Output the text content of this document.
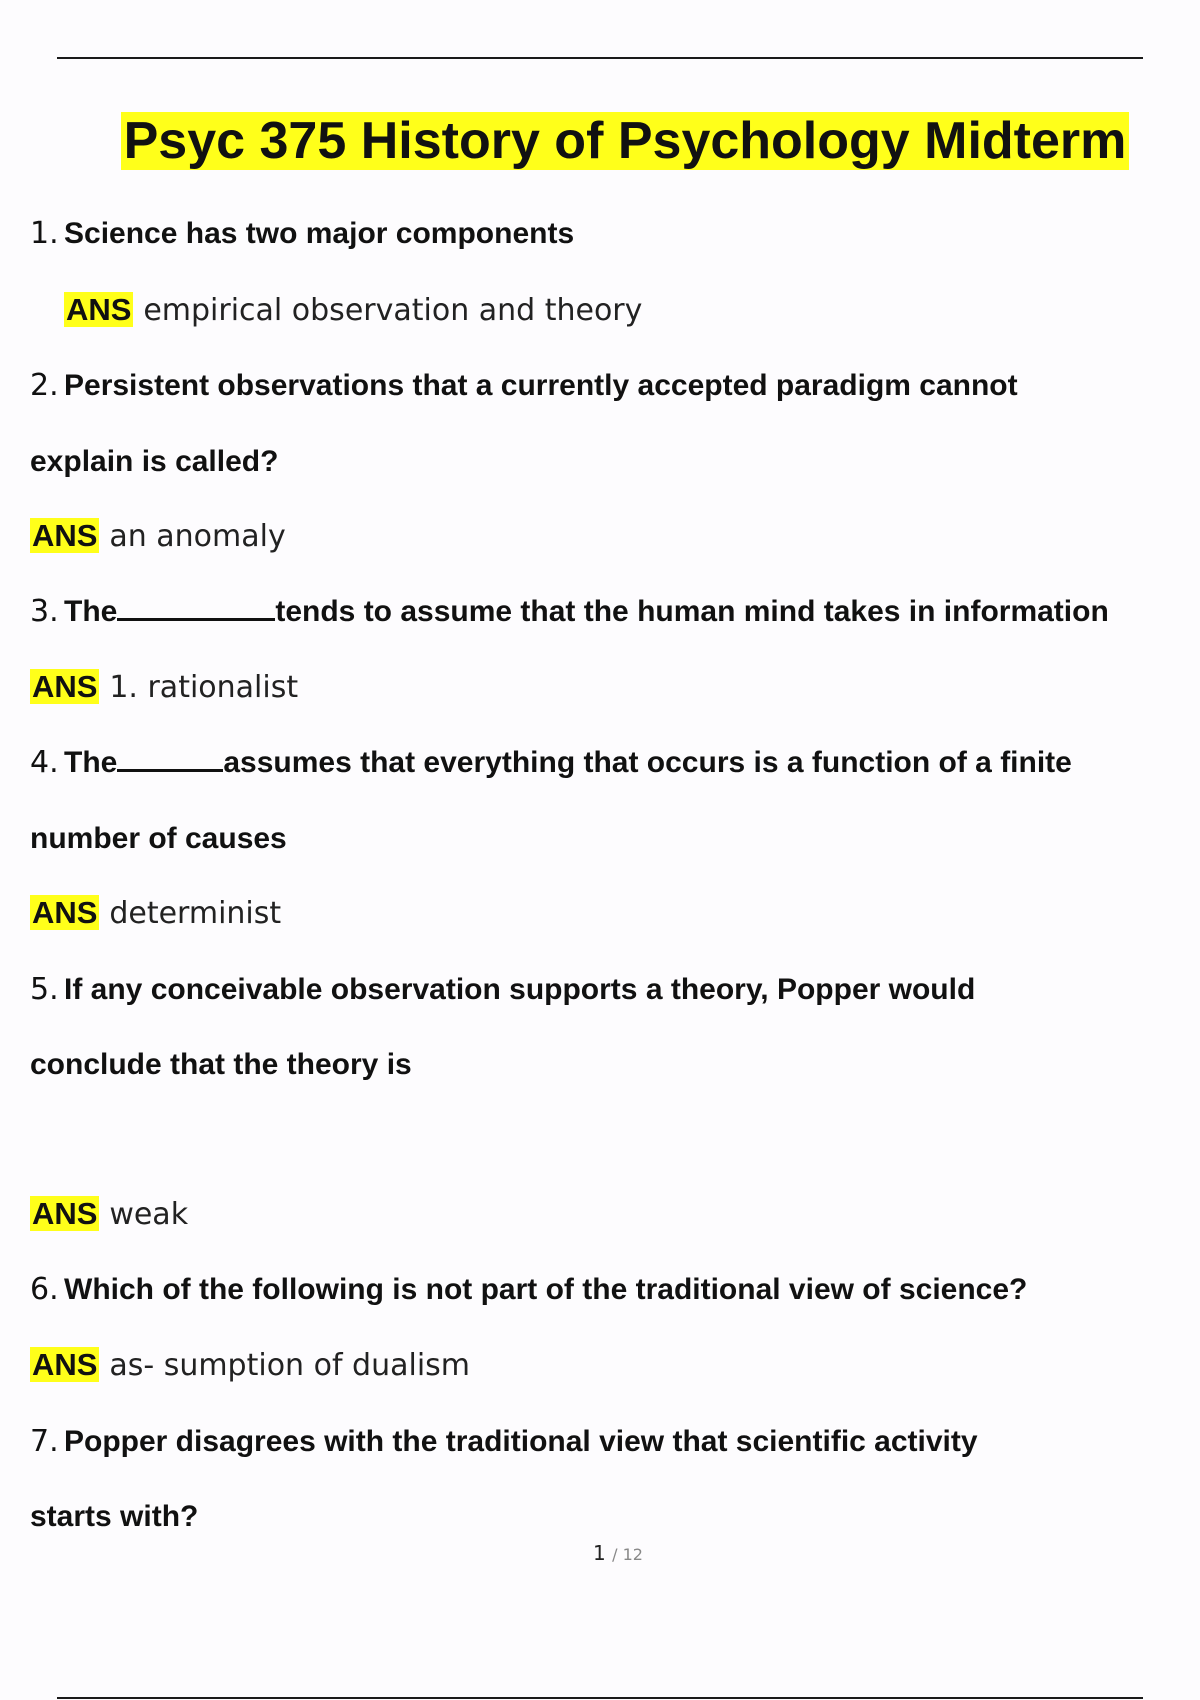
Psyc 375 History of Psychology Midterm
1. Science has two major components
ANS empirical observation and theory
2. Persistent observations that a currently accepted paradigm cannot
explain is called?
ANS an anomaly
3. The	tends to assume that the human mind takes in information
ANS 1. rationalist
4. The	assumes that everything that occurs is a function of a finite
number of causes
ANS determinist
5. If any conceivable observation supports a theory, Popper would
conclude that the theory is
ANS weak
6. Which of the following is not part of the traditional view of science?
ANS as- sumption of dualism
7. Popper disagrees with the traditional view that scientific activity
starts with?
1 / 12
